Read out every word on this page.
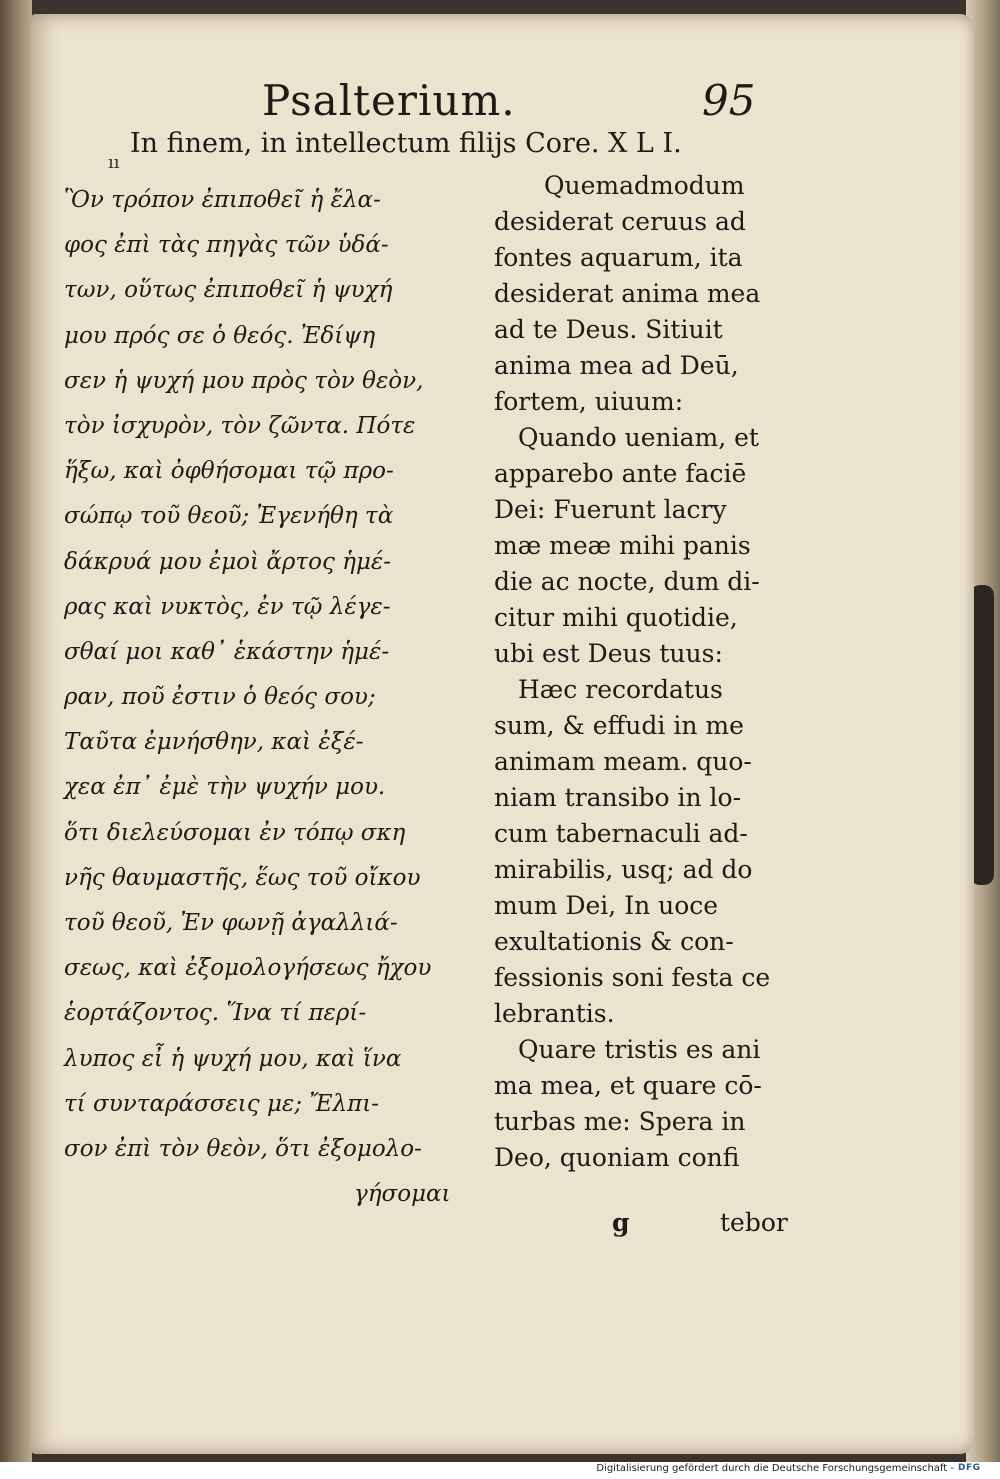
Psalterium.	95
In finem, in intellectum filijs Core. X L I.
ıı
Ὃν τρόπον ἐπιποθεῖ ἡ ἔλα-
φος ἐπὶ τὰς πηγὰς τῶν ὑδά-
των, οὕτως ἐπιποθεῖ ἡ ψυχή
μου πρός σε ὁ θεός. Ἐδίψη
σεν ἡ ψυχή μου πρὸς τὸν θεὸν,
τὸν ἰσχυρὸν, τὸν ζῶντα. Πότε
ἥξω, καὶ ὀφθήσομαι τῷ προ-
σώπῳ τοῦ θεοῦ; Ἐγενήθη τὰ
δάκρυά μου ἐμοὶ ἄρτος ἡμέ-
ρας καὶ νυκτὸς, ἐν τῷ λέγε-
σθαί μοι καθ᾽ ἑκάστην ἡμέ-
ραν, ποῦ ἐστιν ὁ θεός σου;
Ταῦτα ἐμνήσθην, καὶ ἐξέ-
χεα ἐπ᾽ ἐμὲ τὴν ψυχήν μου.
ὅτι διελεύσομαι ἐν τόπῳ σκη
νῆς θαυμαστῆς, ἕως τοῦ οἴκου
τοῦ θεοῦ, Ἐν φωνῇ ἀγαλλιά-
σεως, καὶ ἐξομολογήσεως ἤχου
ἑορτάζοντος. Ἵνα τί περί-
λυπος εἶ ἡ ψυχή μου, καὶ ἵνα
τί συνταράσσεις με; Ἔλπι-
σον ἐπὶ τὸν θεὸν, ὅτι ἐξομολο-
γήσομαι
Quemadmodum
desiderat ceruus ad
fontes aquarum, ita
desiderat anima mea
ad te Deus. Sitiuit
anima mea ad Deū,
fortem, uiuum:
Quando ueniam, et
apparebo ante faciē
Dei: Fuerunt lacry
mæ meæ mihi panis
die ac nocte, dum di-
citur mihi quotidie,
ubi est Deus tuus:
Hæc recordatus
sum, & effudi in me
animam meam. quo-
niam transibo in lo-
cum tabernaculi ad-
mirabilis, usq; ad do
mum Dei, In uoce
exultationis & con-
fessionis soni festa ce
lebrantis.
Quare tristis es ani
ma mea, et quare cō-
turbas me: Spera in
Deo, quoniam confi
g	tebor
Digitalisierung gefördert durch die Deutsche Forschungsgemeinschaft - DFG
